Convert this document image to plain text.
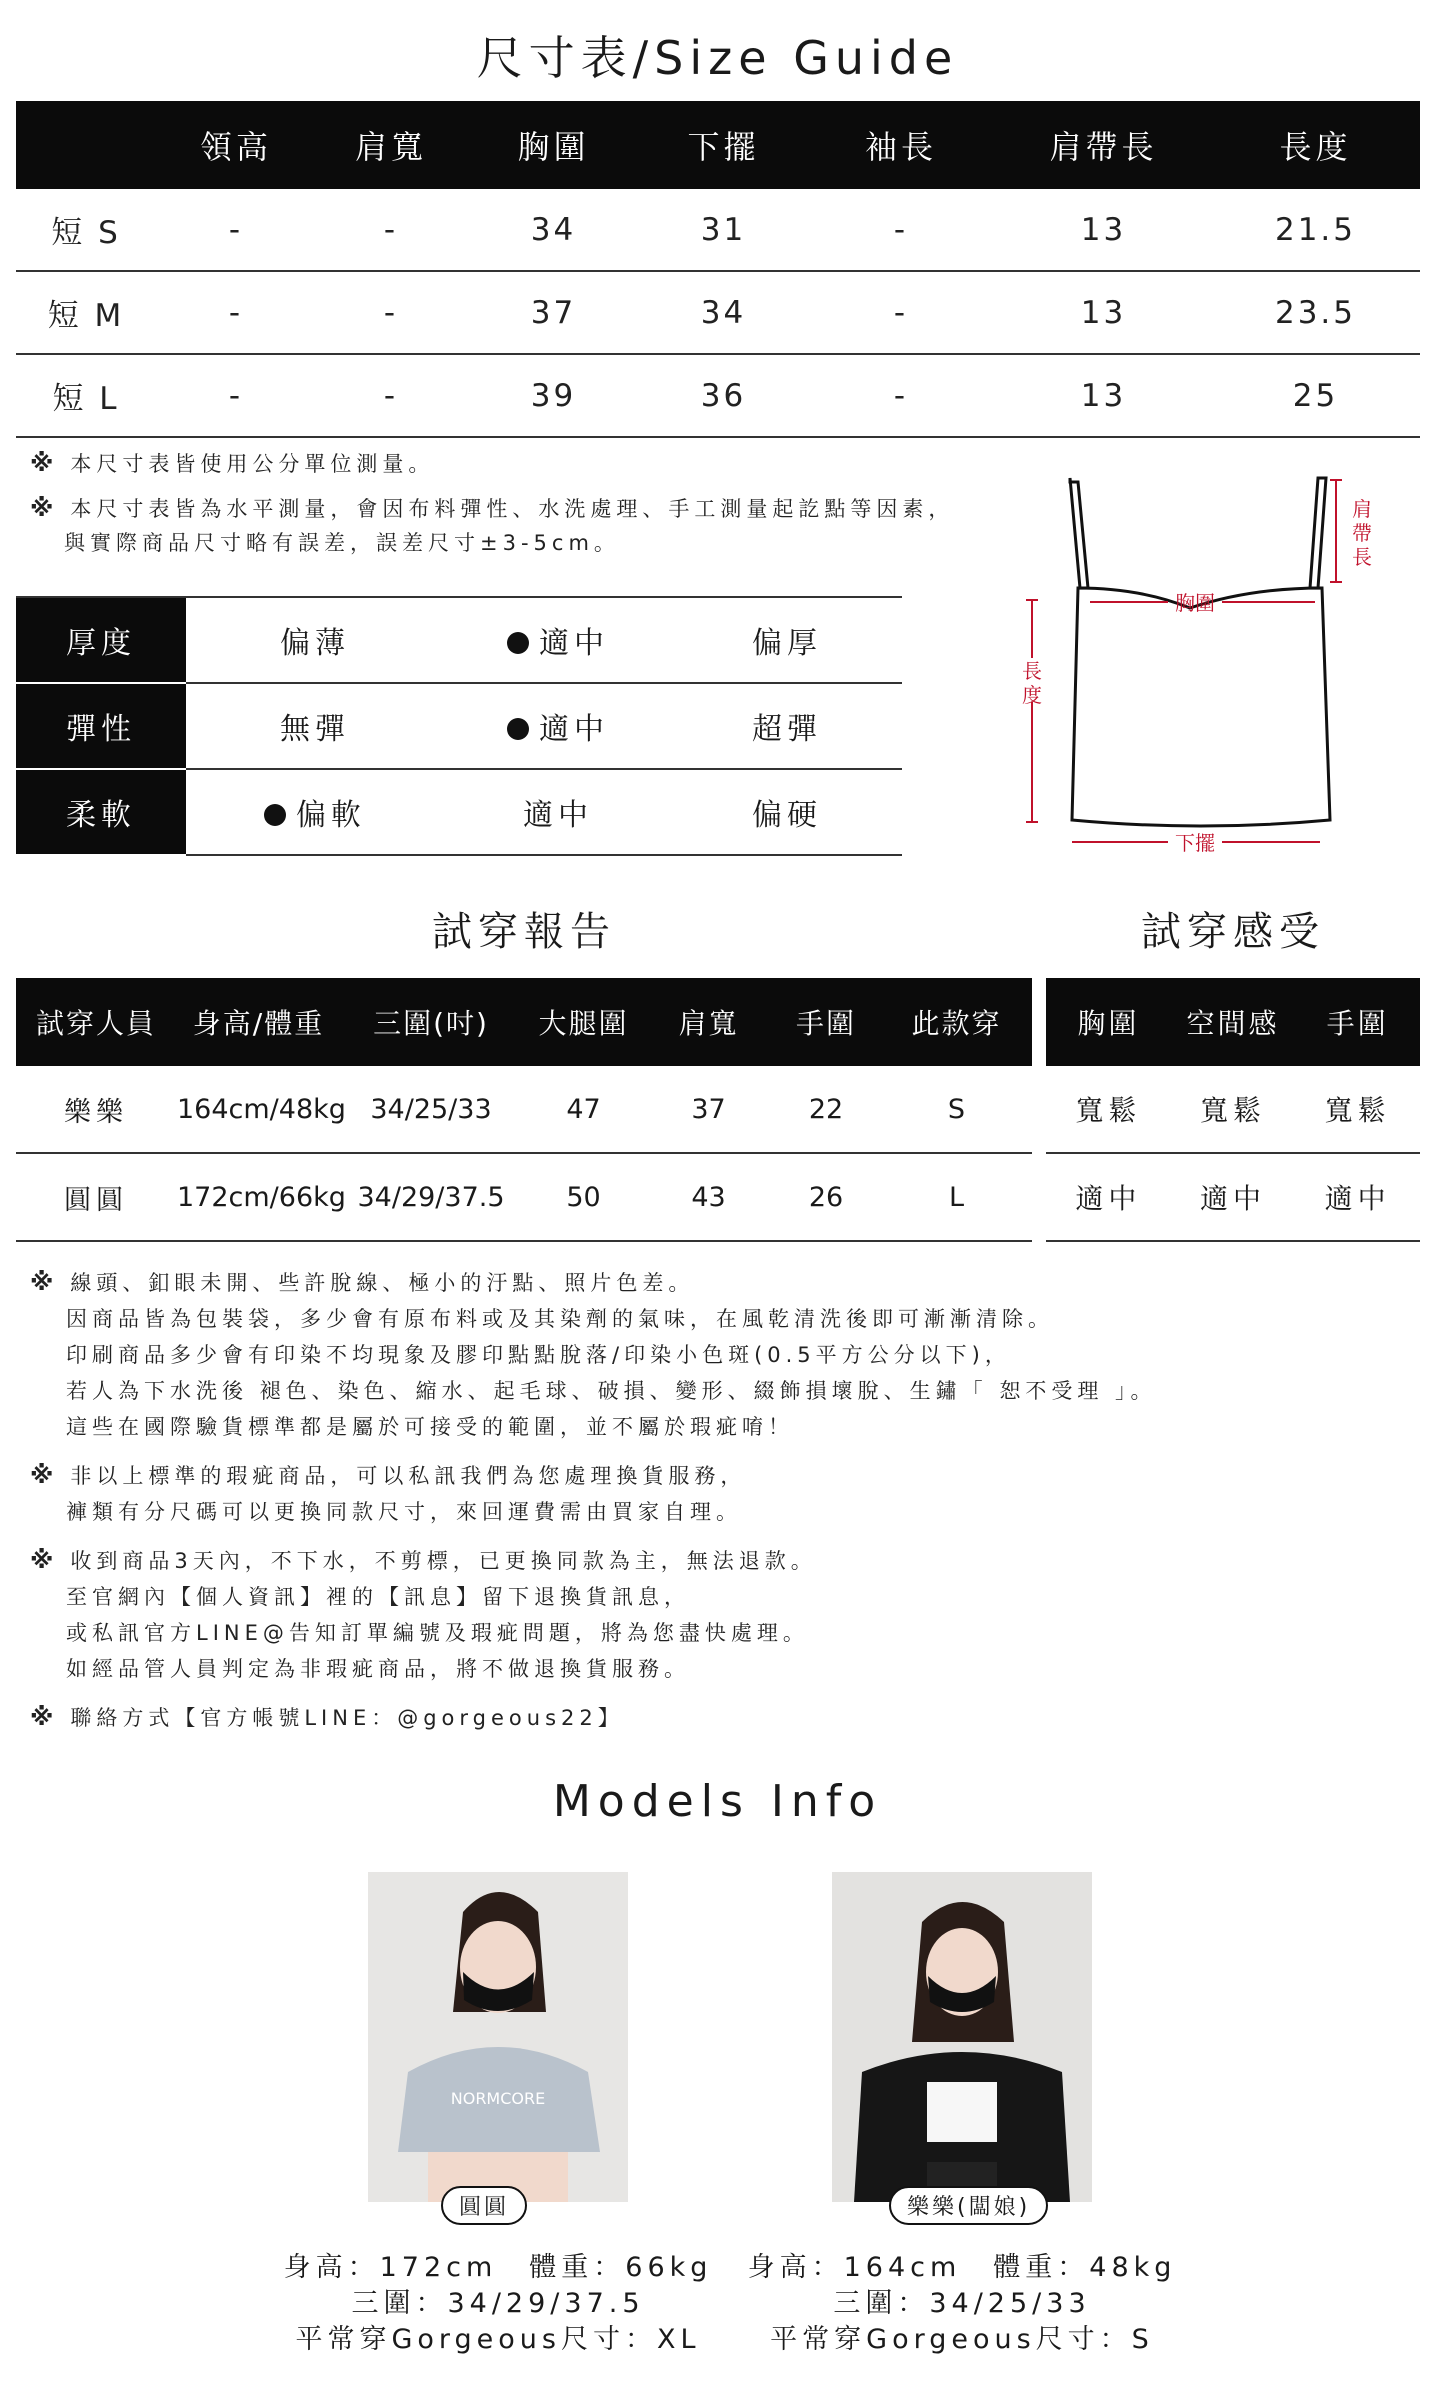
尺寸表/Size Guide
	領高	肩寬	胸圍	下擺	袖長	肩帶長	長度
短 S	-	-	34	31	-	13	21.5
短 M	-	-	37	34	-	13	23.5
短 L	-	-	39	36	-	13	25
※ 本尺寸表皆使用公分單位測量。
※ 本尺寸表皆為水平測量，會因布料彈性、水洗處理、手工測量起訖點等因素，
與實際商品尺寸略有誤差，誤差尺寸±3-5cm。
厚度	偏薄	適中	偏厚
彈性	無彈	適中	超彈
柔軟	偏軟	適中	偏硬
肩
帶
長
胸圍
長
度
下擺
試穿報告	試穿感受
試穿人員	身高/體重	三圍(吋)	大腿圍	肩寬	手圍	此款穿
樂樂	164cm/48kg	34/25/33	47	37	22	S
圓圓	172cm/66kg	34/29/37.5	50	43	26	L
胸圍	空間感	手圍
寬鬆	寬鬆	寬鬆
適中	適中	適中
※ 線頭、釦眼未開、些許脫線、極小的汙點、照片色差。
因商品皆為包裝袋，多少會有原布料或及其染劑的氣味，在風乾清洗後即可漸漸清除。
印刷商品多少會有印染不均現象及膠印點點脫落/印染小色斑(0.5平方公分以下)，
若人為下水洗後 褪色、染色、縮水、起毛球、破損、變形、綴飾損壞脫、生鏽「 恕不受理 」。
這些在國際驗貨標準都是屬於可接受的範圍，並不屬於瑕疵唷！
※ 非以上標準的瑕疵商品，可以私訊我們為您處理換貨服務，
褲類有分尺碼可以更換同款尺寸，來回運費需由買家自理。
※ 收到商品3天內，不下水，不剪標，已更換同款為主，無法退款。
至官網內【個人資訊】裡的【訊息】留下退換貨訊息，
或私訊官方LINE@告知訂單編號及瑕疵問題，將為您盡快處理。
如經品管人員判定為非瑕疵商品，將不做退換貨服務。
※ 聯絡方式【官方帳號LINE：@gorgeous22】
Models Info
NORMCORE
圓圓	樂樂(闆娘)
身高：172cm　體重：66kg
三圍：34/29/37.5
平常穿Gorgeous尺寸：XL
身高：164cm　體重：48kg
三圍：34/25/33
平常穿Gorgeous尺寸：S
